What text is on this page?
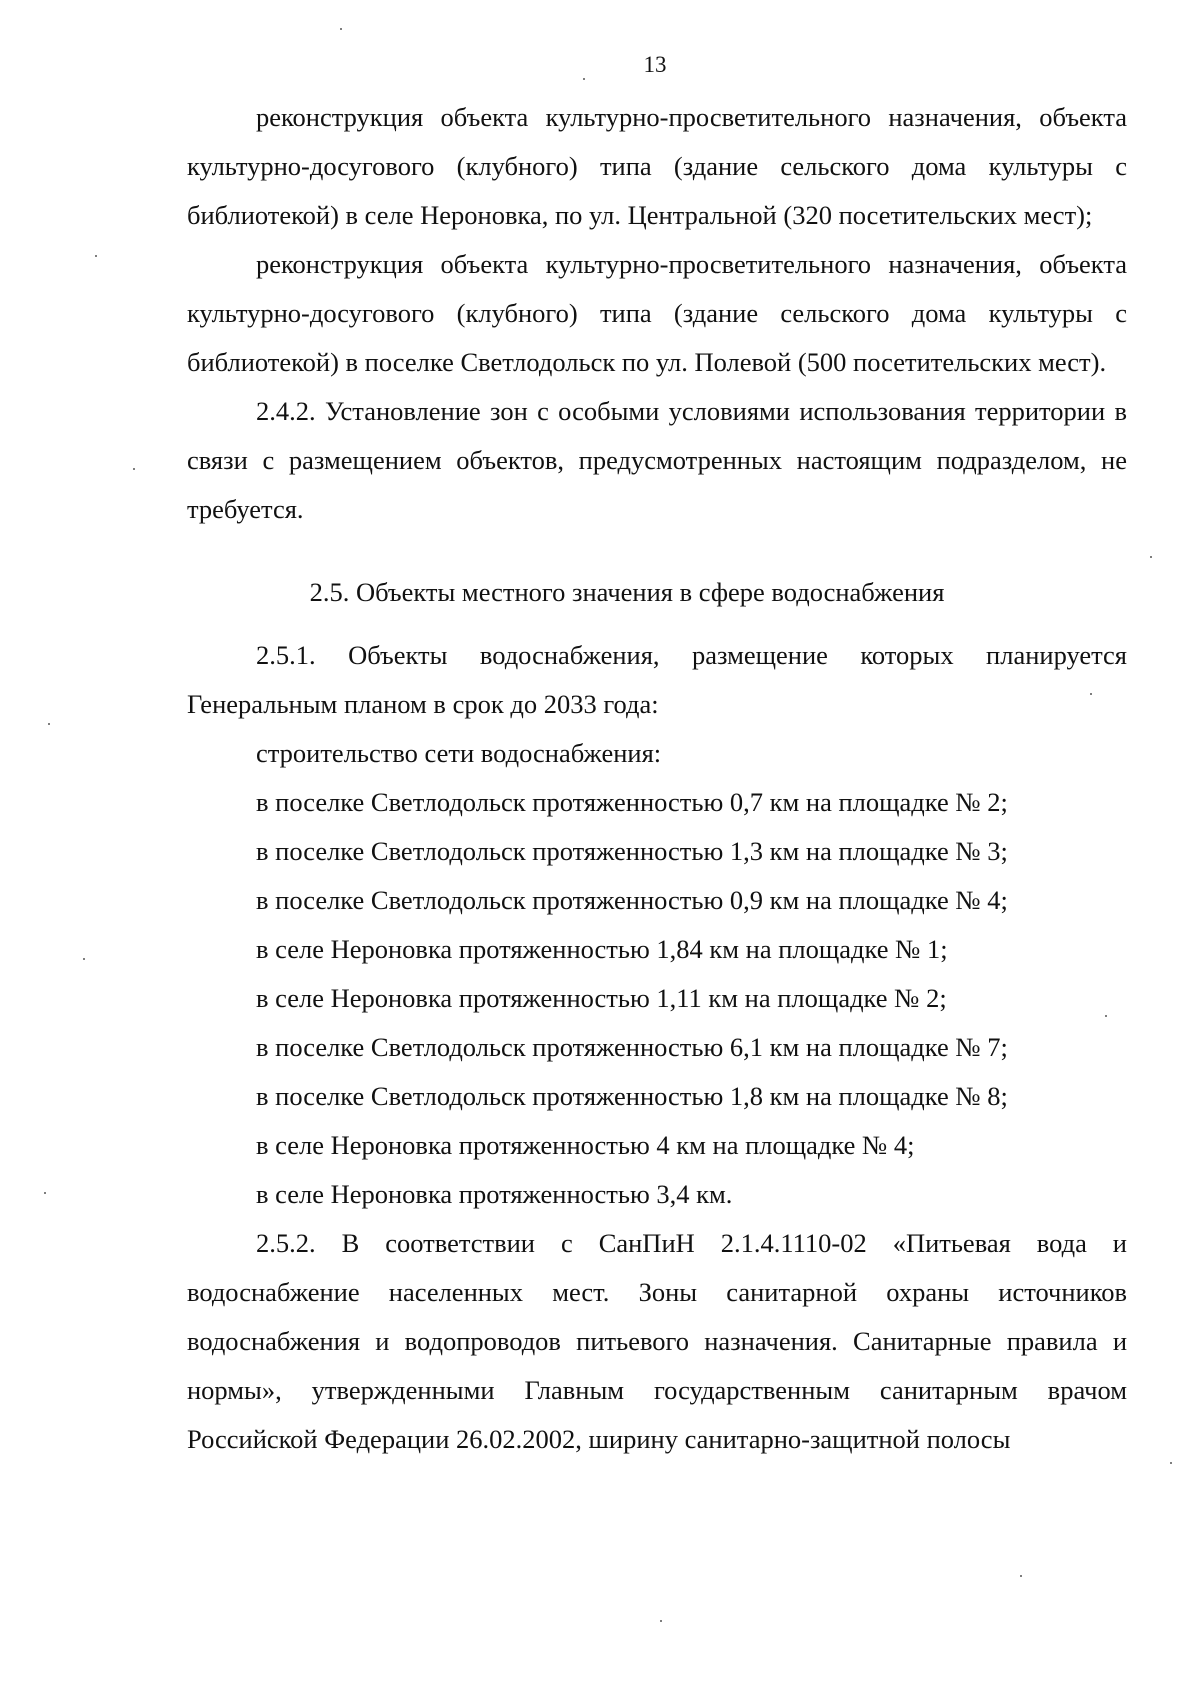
13

реконструкция объекта культурно-просветительного назначения, объекта культурно-досугового (клубного) типа (здание сельского дома культуры с библиотекой) в селе Нероновка, по ул. Центральной (320 посетительских мест);

реконструкция объекта культурно-просветительного назначения, объекта культурно-досугового (клубного) типа (здание сельского дома культуры с библиотекой) в поселке Светлодольск по ул. Полевой (500 посетительских мест).

2.4.2. Установление зон с особыми условиями использования территории в связи с размещением объектов, предусмотренных настоящим подразделом, не требуется.

2.5. Объекты местного значения в сфере водоснабжения

2.5.1. Объекты водоснабжения, размещение которых планируется Генеральным планом в срок до 2033 года:

строительство сети водоснабжения:

в поселке Светлодольск протяженностью 0,7 км на площадке № 2;

в поселке Светлодольск протяженностью 1,3 км на площадке № 3;

в поселке Светлодольск протяженностью 0,9 км на площадке № 4;

в селе Нероновка протяженностью 1,84 км на площадке № 1;

в селе Нероновка протяженностью 1,11 км на площадке № 2;

в поселке Светлодольск протяженностью 6,1 км на площадке № 7;

в поселке Светлодольск протяженностью 1,8 км на площадке № 8;

в селе Нероновка протяженностью 4 км на площадке № 4;

в селе Нероновка протяженностью 3,4 км.

2.5.2. В соответствии с СанПиН 2.1.4.1110-02 «Питьевая вода и водоснабжение населенных мест. Зоны санитарной охраны источников водоснабжения и водопроводов питьевого назначения. Санитарные правила и нормы», утвержденными Главным государственным санитарным врачом Российской Федерации 26.02.2002, ширину санитарно-защитной полосы
